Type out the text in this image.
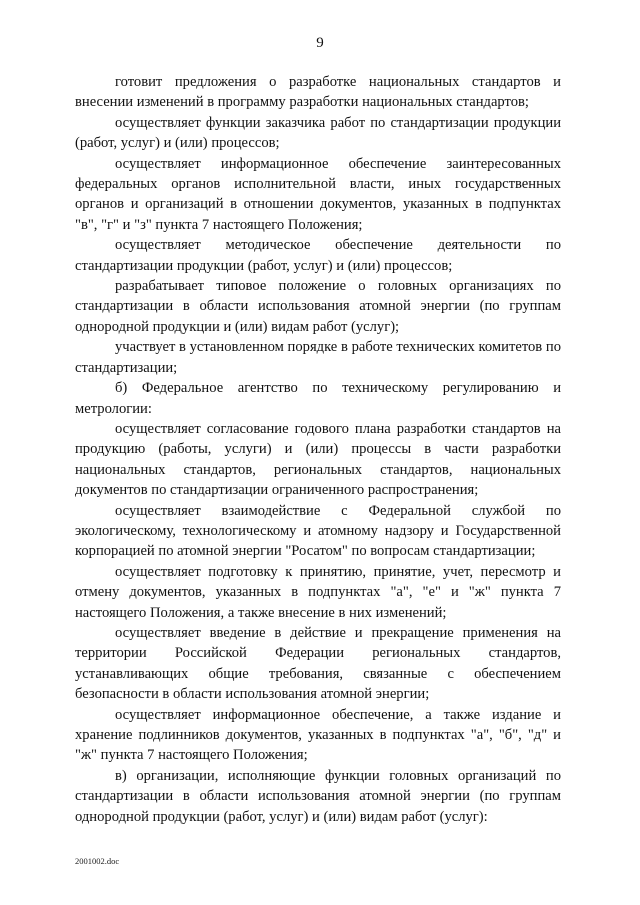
9

готовит предложения о разработке национальных стандартов и внесении изменений в программу разработки национальных стандартов;

осуществляет функции заказчика работ по стандартизации продукции (работ, услуг) и (или) процессов;

осуществляет информационное обеспечение заинтересованных федеральных органов исполнительной власти, иных государственных органов и организаций в отношении документов, указанных в подпунктах "в", "г" и "з" пункта 7 настоящего Положения;

осуществляет методическое обеспечение деятельности по стандартизации продукции (работ, услуг) и (или) процессов;

разрабатывает типовое положение о головных организациях по стандартизации в области использования атомной энергии (по группам однородной продукции и (или) видам работ (услуг);

участвует в установленном порядке в работе технических комитетов по стандартизации;

б) Федеральное агентство по техническому регулированию и метрологии:

осуществляет согласование годового плана разработки стандартов на продукцию (работы, услуги) и (или) процессы в части разработки национальных стандартов, региональных стандартов, национальных документов по стандартизации ограниченного распространения;

осуществляет взаимодействие с Федеральной службой по экологическому, технологическому и атомному надзору и Государственной корпорацией по атомной энергии "Росатом" по вопросам стандартизации;

осуществляет подготовку к принятию, принятие, учет, пересмотр и отмену документов, указанных в подпунктах "а", "е" и "ж" пункта 7 настоящего Положения, а также внесение в них изменений;

осуществляет введение в действие и прекращение применения на территории Российской Федерации региональных стандартов, устанавливающих общие требования, связанные с обеспечением безопасности в области использования атомной энергии;

осуществляет информационное обеспечение, а также издание и хранение подлинников документов, указанных в подпунктах "а", "б", "д" и "ж" пункта 7 настоящего Положения;

в) организации, исполняющие функции головных организаций по стандартизации в области использования атомной энергии (по группам однородной продукции (работ, услуг) и (или) видам работ (услуг):

2001002.doc
